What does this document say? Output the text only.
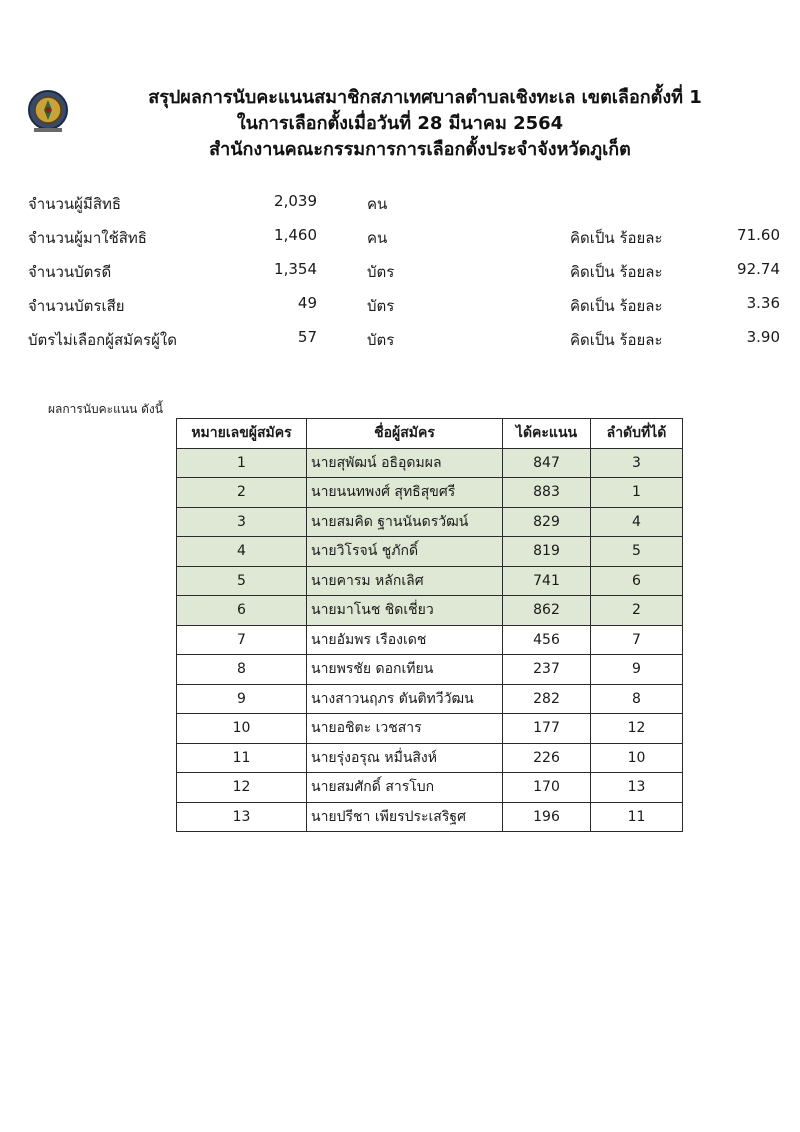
สรุปผลการนับคะแนนสมาชิกสภาเทศบาลตำบลเชิงทะเล เขตเลือกตั้งที่ 1
ในการเลือกตั้งเมื่อวันที่ 28 มีนาคม 2564
สำนักงานคณะกรรมการการเลือกตั้งประจำจังหวัดภูเก็ต
จำนวนผู้มีสิทธิ	2,039	คน
จำนวนผู้มาใช้สิทธิ	1,460	คน	คิดเป็น ร้อยละ	71.60
จำนวนบัตรดี	1,354	บัตร	คิดเป็น ร้อยละ	92.74
จำนวนบัตรเสีย	49	บัตร	คิดเป็น ร้อยละ	3.36
บัตรไม่เลือกผู้สมัครผู้ใด	57	บัตร	คิดเป็น ร้อยละ	3.90
ผลการนับคะแนน ดังนี้
หมายเลขผู้สมัคร	ชื่อผู้สมัคร	ได้คะแนน	ลำดับที่ได้
1	นายสุพัฒน์ อธิอุดมผล	847	3
2	นายนนทพงศ์ สุทธิสุขศรี	883	1
3	นายสมคิด ฐานนันดรวัฒน์	829	4
4	นายวิโรจน์ ชูภักดิ์	819	5
5	นายคารม หลักเลิศ	741	6
6	นายมาโนช ชิดเชี่ยว	862	2
7	นายอัมพร เรืองเดช	456	7
8	นายพรชัย ดอกเทียน	237	9
9	นางสาวนฤภร ตันติทวีวัฒน	282	8
10	นายอชิตะ เวชสาร	177	12
11	นายรุ่งอรุณ หมื่นสิงห์	226	10
12	นายสมศักดิ์ สารโบก	170	13
13	นายปรีชา เพียรประเสริฐศ	196	11
